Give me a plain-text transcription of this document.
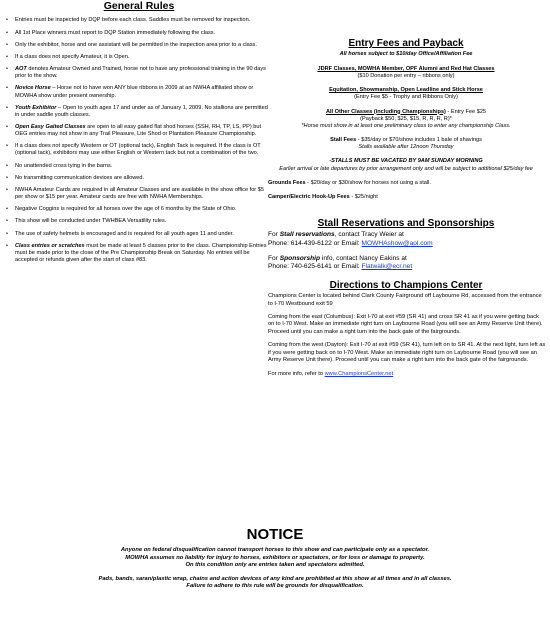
General Rules
• Entries must be inspected by DQP before each class. Saddles must be removed for inspection.
• All 1st Place winners must report to DQP Station immediately following the class.
• Only the exhibitor, horse and one assistant will be permitted in the inspection area prior to a class.
• If a class does not specify Amateur, it is Open.
• AOT denotes Amateur Owned and Trained, horse not to have any professional training in the 90 days prior to the show.
• Novice Horse – Horse not to have won ANY blue ribbons in 2009 at an NWHA affiliated show or MOWHA show under present ownership.
• Youth Exhibitor – Open to youth ages 17 and under as of January 1, 2009. No stallions are permitted in under saddle youth classes.
• Open Easy Gaited Classes are open to all easy gaited flat shod horses (SSH, RH, TP, LS, PP) but OEG entries may not show in any Trail Pleasure, Lite Shod or Plantation Pleasure Championship.
• If a class does not specify Western or OT (optional tack), English Tack is required. If the class is OT (optional tack), exhibitors may use either English or Western tack but not a combination of the two.
• No unattended cross tying in the barns.
• No transmitting communication devices are allowed.
• NWHA Amateur Cards are required in all Amateur Classes and are available in the show office for $5 per show or $15 per year. Amateur cards are free with NWHA Memberships.
• Negative Coggins is required for all horses over the age of 6 months by the State of Ohio.
• This show will be conducted under TWHBEA Versatility rules.
• The use of safety helmets is encouraged and is required for all youth ages 11 and under.
• Class entries or scratches must be made at least 5 classes prior to the class. Championship Entries must be made prior to the close of the Pre Championship Break on Saturday. No entries will be accepted or refunds given after the start of class #83.
Entry Fees and Payback
All horses subject to $10/day Office/Affiliation Fee
JDRF Classes, MOWHA Member, OPF Alumni and Red Hat Classes
($10 Donation per entry – ribbons only)
Equitation, Showmanship, Open Leadline and Stick Horse
(Entry Fee $5 - Trophy and Ribbons Only)
All Other Classes (including Championships) - Entry Fee $25
(Payback $50, $25, $15, R, R, R, R)*
*Horse must show in at least one preliminary class to enter any championship Class.
Stall Fees - $35/day or $70/show includes 1 bale of shavings
Stalls available after 12noon Thursday
-STALLS MUST BE VACATED BY 9AM SUNDAY MORNING
Earlier arrival or late departures by prior arrangement only and will be subject to additional $25/day fee
Grounds Fees - $20/day or $30/show for horses not using a stall.
Camper/Electric Hook-Up Fees - $25/night
Stall Reservations and Sponsorships

For Stall reservations, contact Tracy Weier at

Phone: 614-439-6122 or Email: MOWHAshow@aol.com

For Sponsorship info, contact Nancy Eakins at

Phone: 740-625-6141 or Email: Flatwalk@ecr.net

Directions to Champions Center

Champions Center is located behind Clark County Fairground off Laybourne Rd, accessed from the entrance to I-70 Westbound exit 59

Coming from the east (Columbus): Exit I-70 at exit #59 (SR 41) and cross SR 41 as if you were getting back on to I-70 West. Make an immediate right turn on Laybourne Road (you will see an Army Reserve Unit there). Proceed until you can make a right turn into the back gate of the fairgrounds.

Coming from the west (Dayton): Exit I-70 at exit #59 (SR 41), turn left on to SR 41. At the next light, turn left as if you were getting back on to I-70 West. Make an immediate right turn on Laybourne Road (you will see an Army Reserve Unit there). Proceed until you can make a right turn into the back gate of the fairgrounds.

For more info, refer to www.ChampionsCenter.net

NOTICE

Anyone on federal disqualification cannot transport horses to this show and can participate only as a spectator.

MOWHA assumes no liability for injury to horses, exhibitors or spectators, or for loss or damage to property.

On this condition only are entries taken and spectators admitted.

Pads, bands, saran/plastic wrap, chains and action devices of any kind are prohibited at this show at all times and in all classes.

Failure to adhere to this rule will be grounds for disqualification.
